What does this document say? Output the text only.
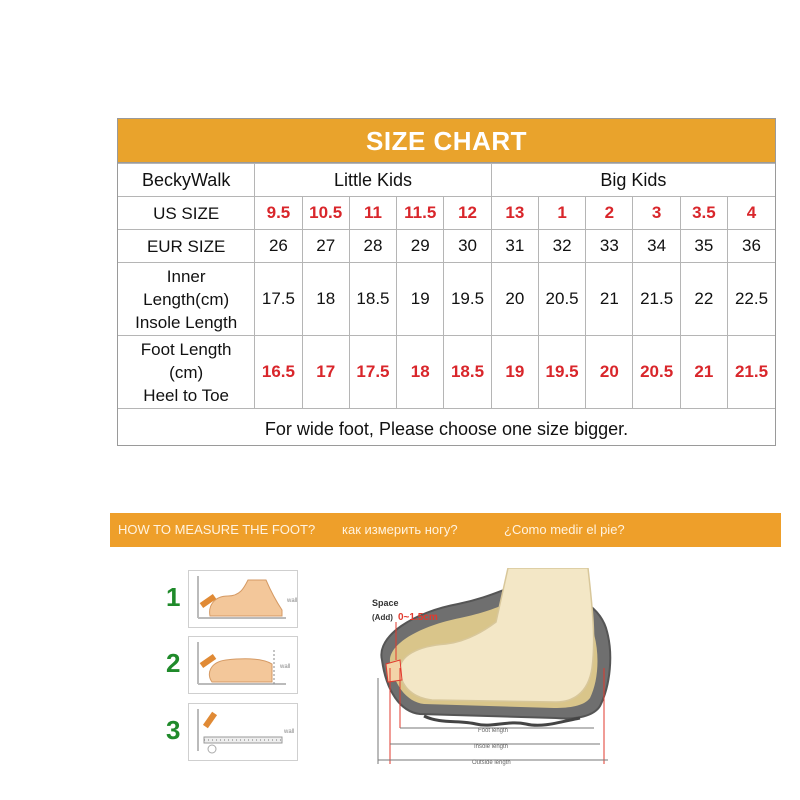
SIZE CHART
BeckyWalk	Little Kids					Big Kids					
US SIZE	9.5	10.5	11	11.5	12	13	1	2	3	3.5	4
EUR SIZE	26	27	28	29	30	31	32	33	34	35	36

Inner
Length(cm)
Insole Length	17.5	18	18.5	19	19.5	20	20.5	21	21.5	22	22.5

Foot Length
(cm)
Heel to Toe	16.5	17	17.5	18	18.5	19	19.5	20	20.5	21	21.5
For wide foot, Please choose one size bigger.											
HOW TO MEASURE THE FOOT? как измерить ногу?	¿Como medir el pie?
1	wall
2	wall
3	wall
Space
(Add) 0~1.5cm
Foot length
Insole length
Outside length
